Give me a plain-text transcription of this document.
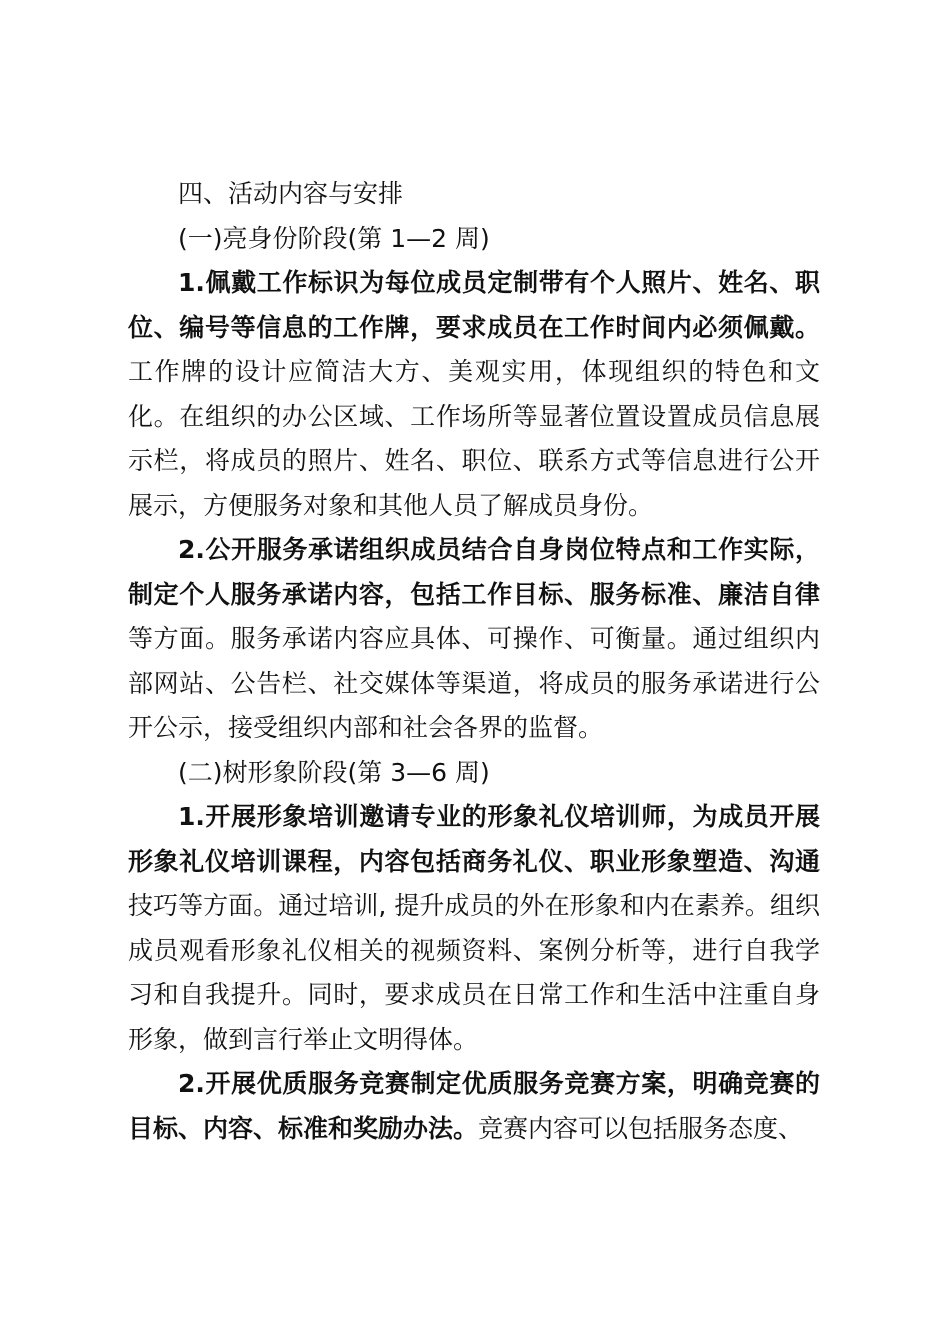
四、活动内容与安排

(一)亮身份阶段(第 1—2 周)

1.佩戴工作标识为每位成员定制带有个人照片、姓名、职位、编号等信息的工作牌，要求成员在工作时间内必须佩戴。工作牌的设计应简洁大方、美观实用，体现组织的特色和文化。在组织的办公区域、工作场所等显著位置设置成员信息展示栏，将成员的照片、姓名、职位、联系方式等信息进行公开展示，方便服务对象和其他人员了解成员身份。

2.公开服务承诺组织成员结合自身岗位特点和工作实际，制定个人服务承诺内容，包括工作目标、服务标准、廉洁自律等方面。服务承诺内容应具体、可操作、可衡量。通过组织内部网站、公告栏、社交媒体等渠道，将成员的服务承诺进行公开公示，接受组织内部和社会各界的监督。

(二)树形象阶段(第 3—6 周)

1.开展形象培训邀请专业的形象礼仪培训师，为成员开展形象礼仪培训课程，内容包括商务礼仪、职业形象塑造、沟通技巧等方面。通过培训, 提升成员的外在形象和内在素养。组织成员观看形象礼仪相关的视频资料、案例分析等，进行自我学习和自我提升。同时，要求成员在日常工作和生活中注重自身形象，做到言行举止文明得体。

2.开展优质服务竞赛制定优质服务竞赛方案，明确竞赛的目标、内容、标准和奖励办法。竞赛内容可以包括服务态度、
